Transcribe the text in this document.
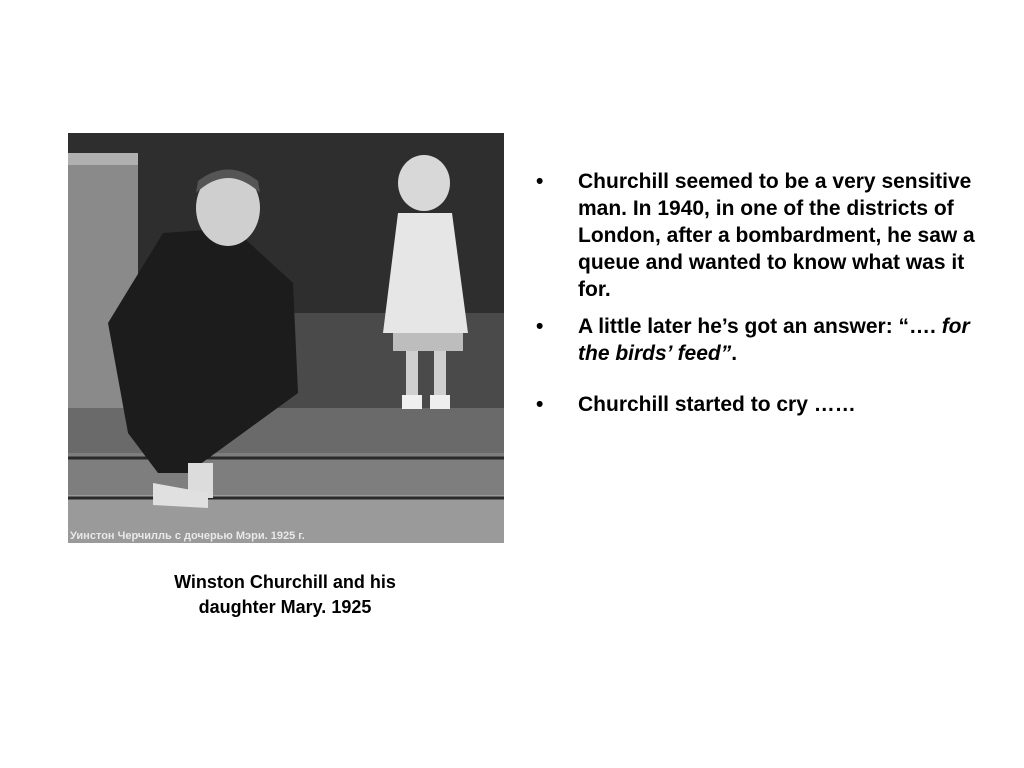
Уинстон Черчилль с дочерью Мэри. 1925 г.
Winston Churchill and his
daughter Mary. 1925
• Churchill seemed to be a very sensitive man. In 1940, in one of the districts of London, after a bombardment, he saw a queue and wanted to know what was it for.
• A little later he’s got an answer: “…. for the birds’ feed”.
• Churchill started to cry ……
